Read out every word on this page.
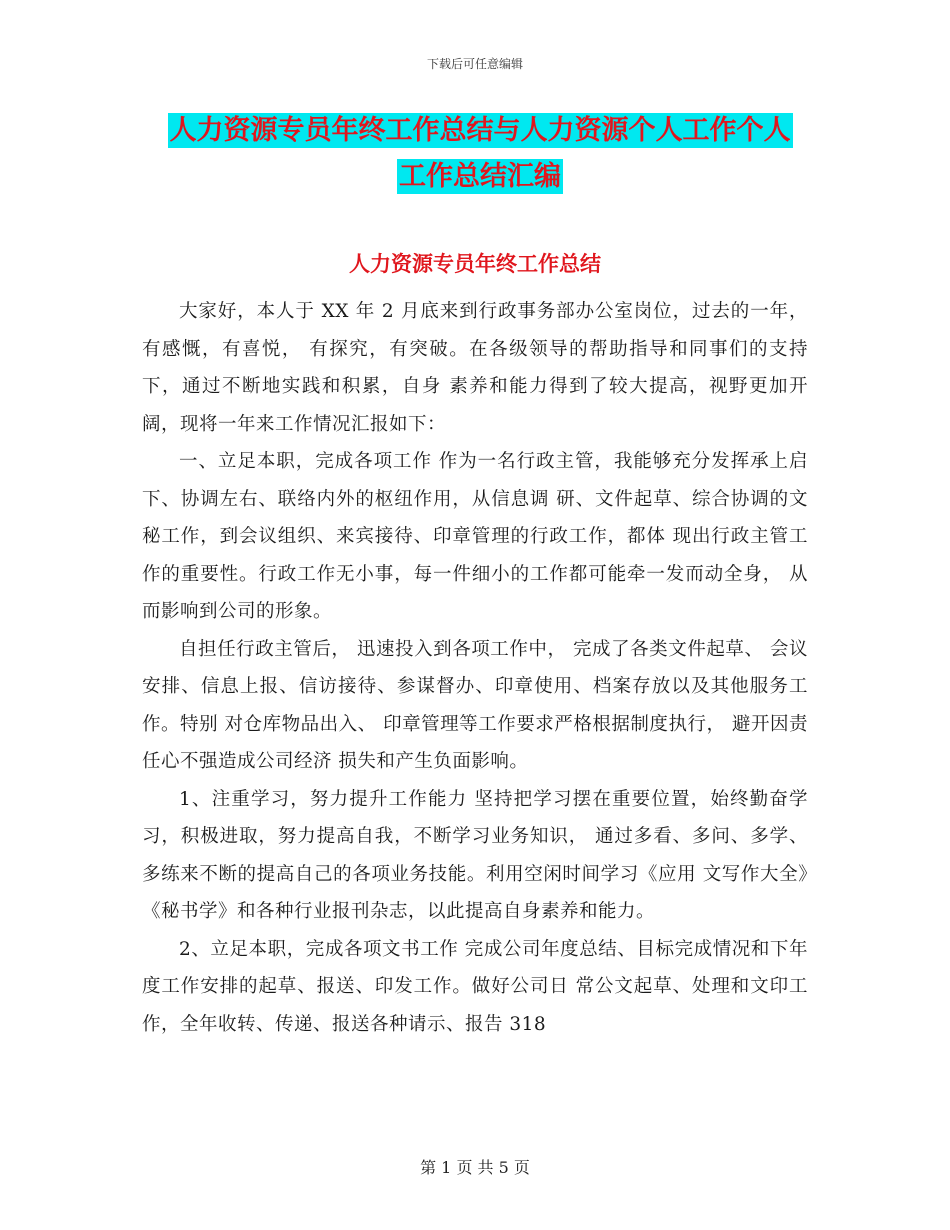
下载后可任意编辑
人力资源专员年终工作总结与人力资源个人工作个人
工作总结汇编
人力资源专员年终工作总结
大家好，本人于 XX 年 2 月底来到行政事务部办公室岗位，过去的一年，有感慨，有喜悦， 有探究，有突破。在各级领导的帮助指导和同事们的支持下，通过不断地实践和积累，自身 素养和能力得到了较大提高，视野更加开阔，现将一年来工作情况汇报如下：
一、立足本职，完成各项工作 作为一名行政主管，我能够充分发挥承上启下、协调左右、联络内外的枢纽作用，从信息调 研、文件起草、综合协调的文秘工作，到会议组织、来宾接待、印章管理的行政工作，都体 现出行政主管工作的重要性。行政工作无小事，每一件细小的工作都可能牵一发而动全身， 从而影响到公司的形象。
自担任行政主管后， 迅速投入到各项工作中， 完成了各类文件起草、 会议安排、信息上报、信访接待、参谋督办、印章使用、档案存放以及其他服务工作。特别 对仓库物品出入、 印章管理等工作要求严格根据制度执行， 避开因责任心不强造成公司经济 损失和产生负面影响。
1、注重学习，努力提升工作能力 坚持把学习摆在重要位置，始终勤奋学习，积极进取，努力提高自我，不断学习业务知识， 通过多看、多问、多学、多练来不断的提高自己的各项业务技能。利用空闲时间学习《应用 文写作大全》《秘书学》和各种行业报刊杂志，以此提高自身素养和能力。
2、立足本职，完成各项文书工作 完成公司年度总结、目标完成情况和下年度工作安排的起草、报送、印发工作。做好公司日 常公文起草、处理和文印工作，全年收转、传递、报送各种请示、报告 318
第 1 页 共 5 页
